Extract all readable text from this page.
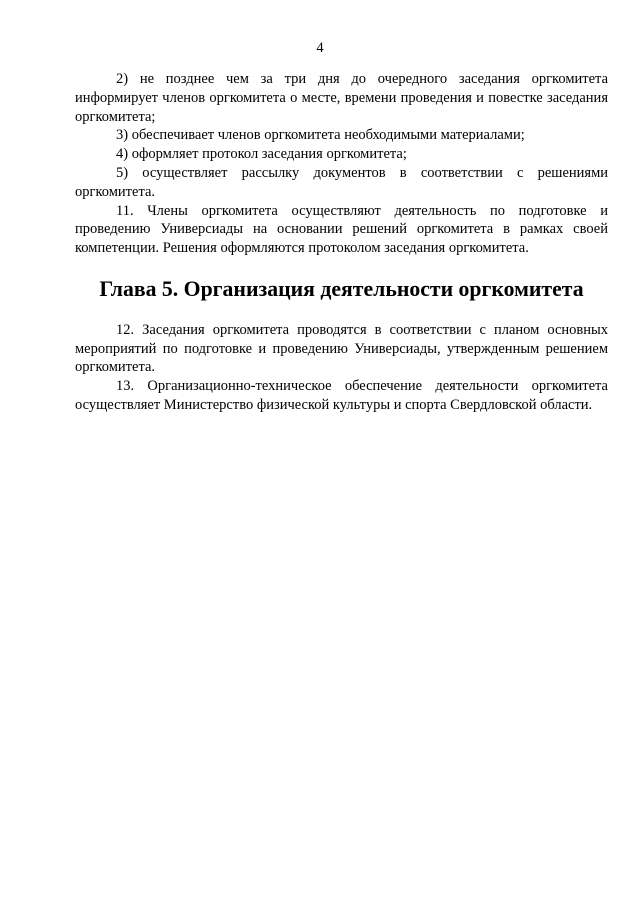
4

2) не позднее чем за три дня до очередного заседания оргкомитета информирует членов оргкомитета о месте, времени проведения и повестке заседания оргкомитета;

3) обеспечивает членов оргкомитета необходимыми материалами;

4) оформляет протокол заседания оргкомитета;

5) осуществляет рассылку документов в соответствии с решениями оргкомитета.

11. Члены оргкомитета осуществляют деятельность по подготовке и проведению Универсиады на основании решений оргкомитета в рамках своей компетенции. Решения оформляются протоколом заседания оргкомитета.

Глава 5. Организация деятельности оргкомитета

12. Заседания оргкомитета проводятся в соответствии с планом основных мероприятий по подготовке и проведению Универсиады, утвержденным решением оргкомитета.

13. Организационно-техническое обеспечение деятельности оргкомитета осуществляет Министерство физической культуры и спорта Свердловской области.
